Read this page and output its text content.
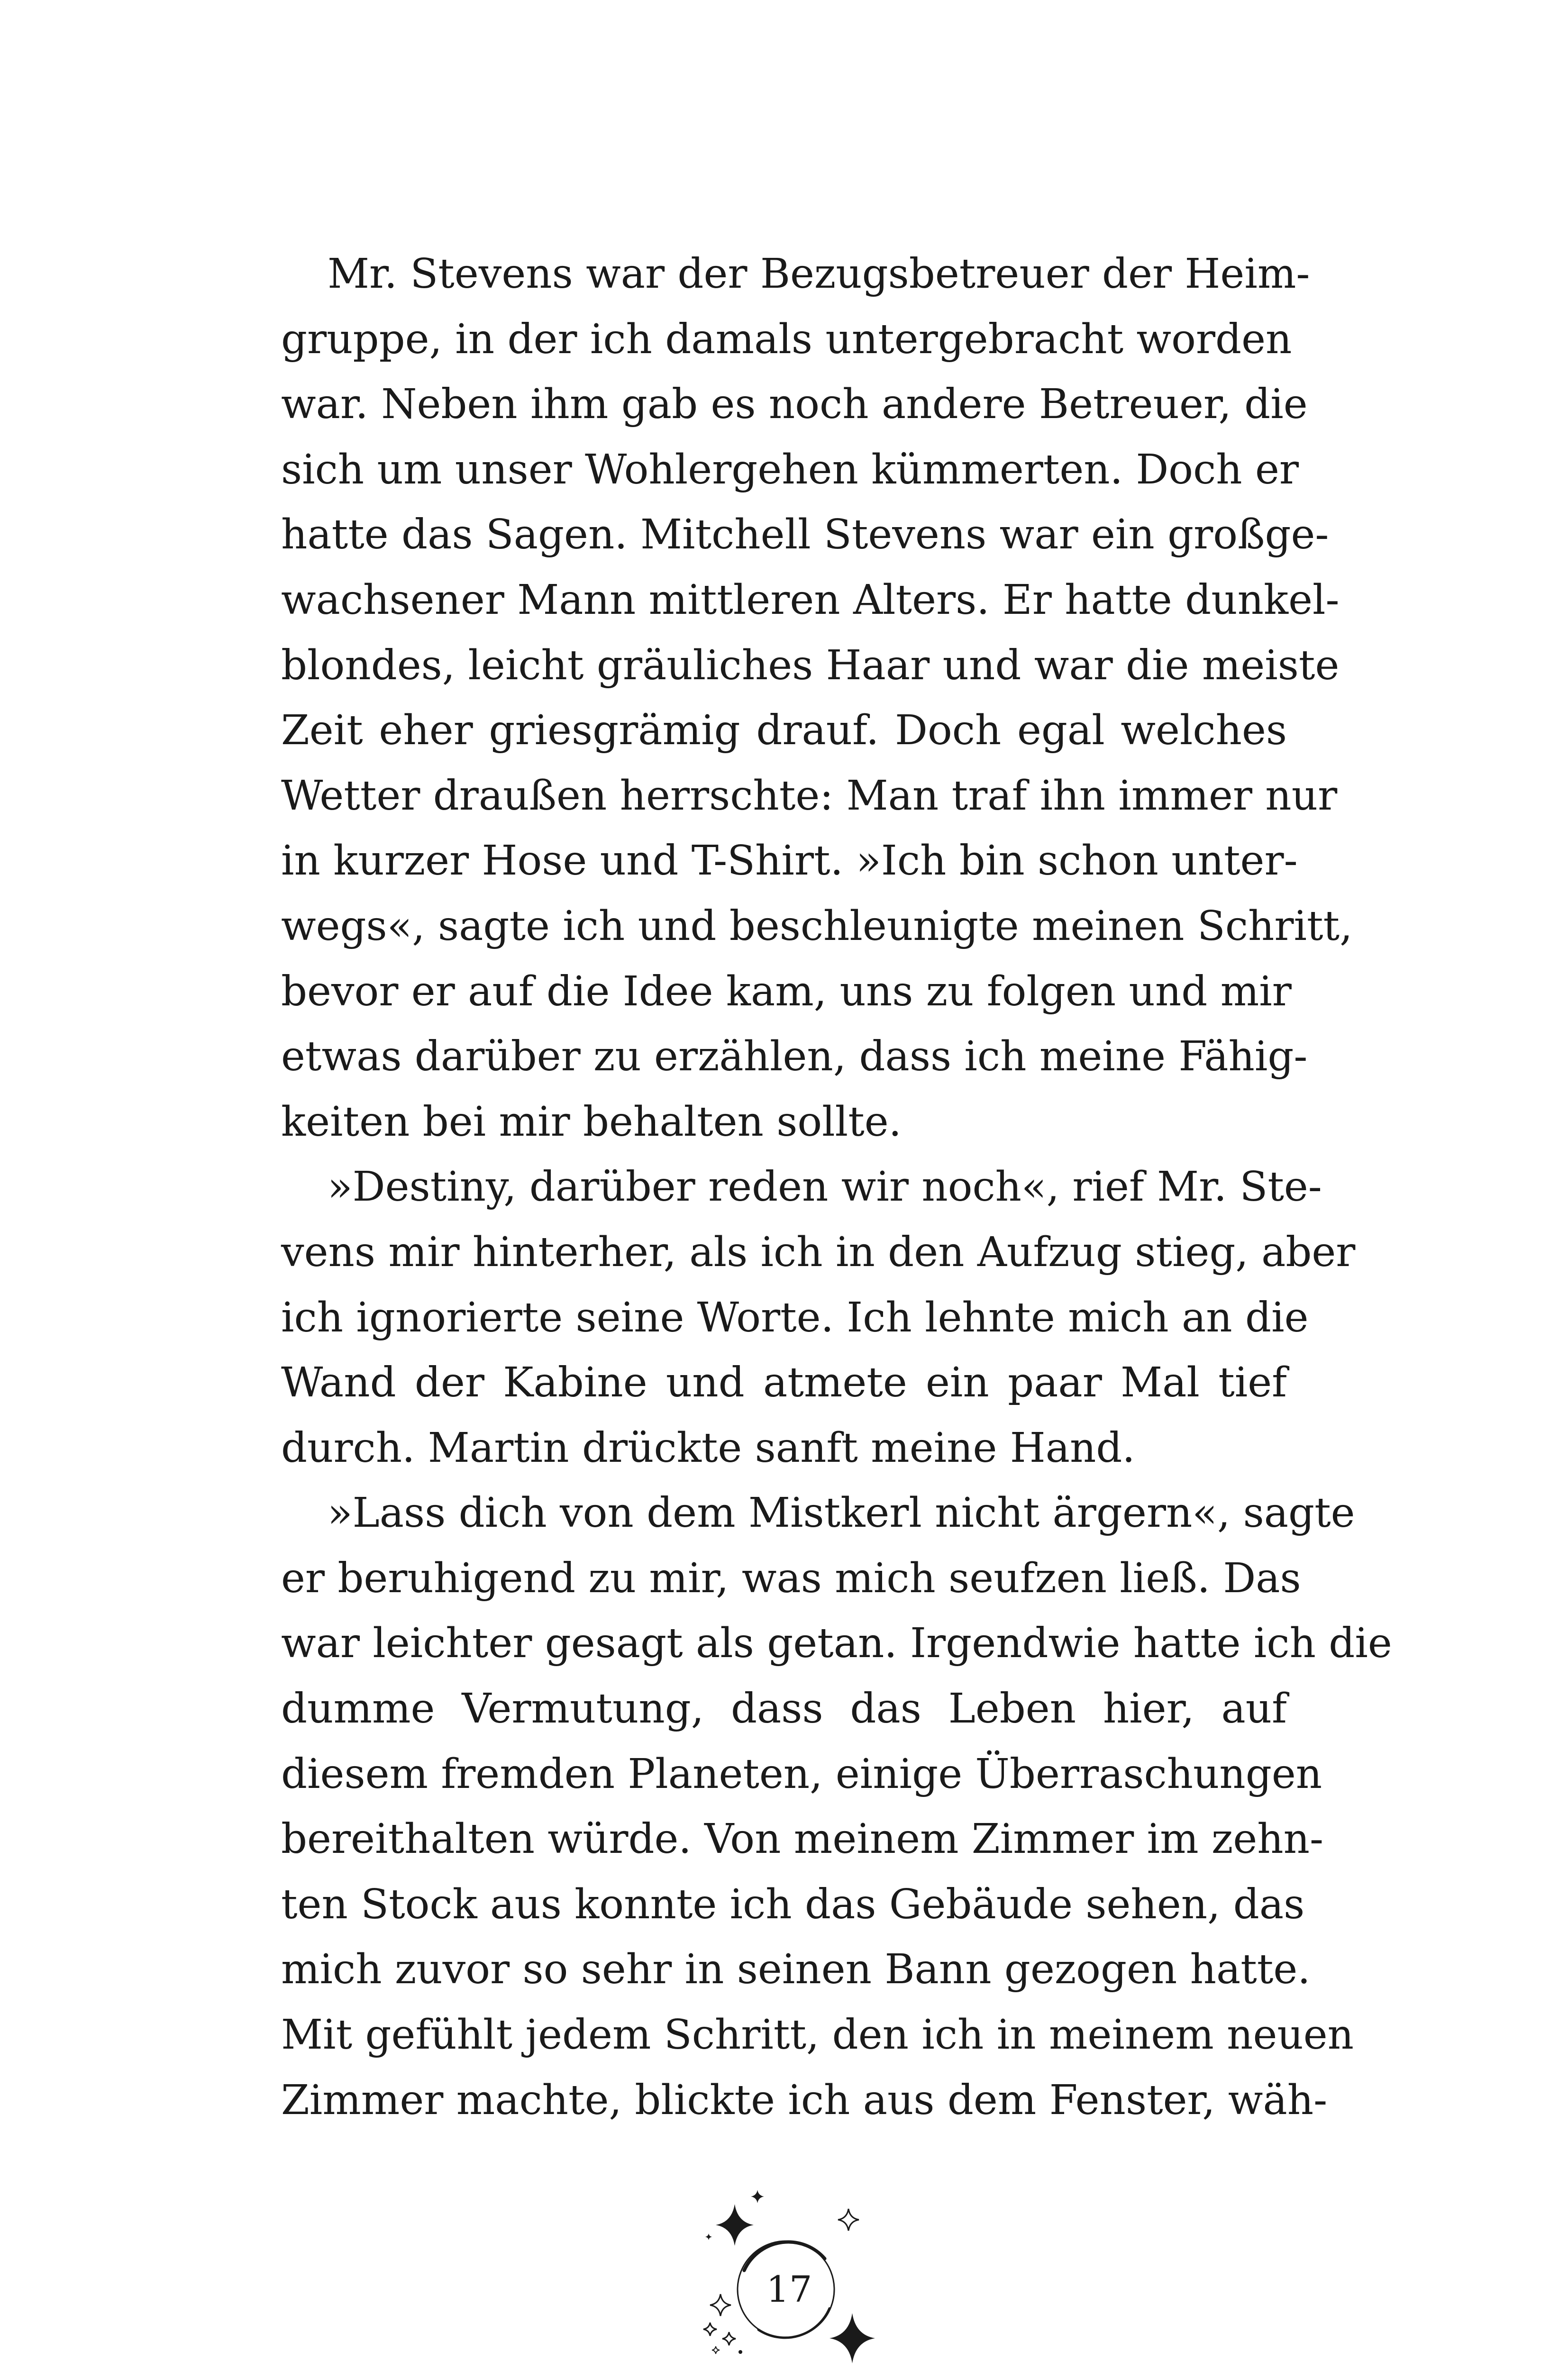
Mr. Stevens war der Bezugsbetreuer der Heim-
gruppe, in der ich damals untergebracht worden
war. Neben ihm gab es noch andere Betreuer, die
sich um unser Wohlergehen kümmerten. Doch er
hatte das Sagen. Mitchell Stevens war ein großge-
wachsener Mann mittleren Alters. Er hatte dunkel-
blondes, leicht gräuliches Haar und war die meiste
Zeit eher griesgrämig drauf. Doch egal welches
Wetter draußen herrschte: Man traf ihn immer nur
in kurzer Hose und T-Shirt. »Ich bin schon unter-
wegs«, sagte ich und beschleunigte meinen Schritt,
bevor er auf die Idee kam, uns zu folgen und mir
etwas darüber zu erzählen, dass ich meine Fähig-
keiten bei mir behalten sollte.
»Destiny, darüber reden wir noch«, rief Mr. Ste-
vens mir hinterher, als ich in den Aufzug stieg, aber
ich ignorierte seine Worte. Ich lehnte mich an die
Wand der Kabine und atmete ein paar Mal tief
durch. Martin drückte sanft meine Hand.
»Lass dich von dem Mistkerl nicht ärgern«, sagte
er beruhigend zu mir, was mich seufzen ließ. Das
war leichter gesagt als getan. Irgendwie hatte ich die
dumme Vermutung, dass das Leben hier, auf
diesem fremden Planeten, einige Überraschungen
bereithalten würde. Von meinem Zimmer im zehn-
ten Stock aus konnte ich das Gebäude sehen, das
mich zuvor so sehr in seinen Bann gezogen hatte.
Mit gefühlt jedem Schritt, den ich in meinem neuen
Zimmer machte, blickte ich aus dem Fenster, wäh-
17
